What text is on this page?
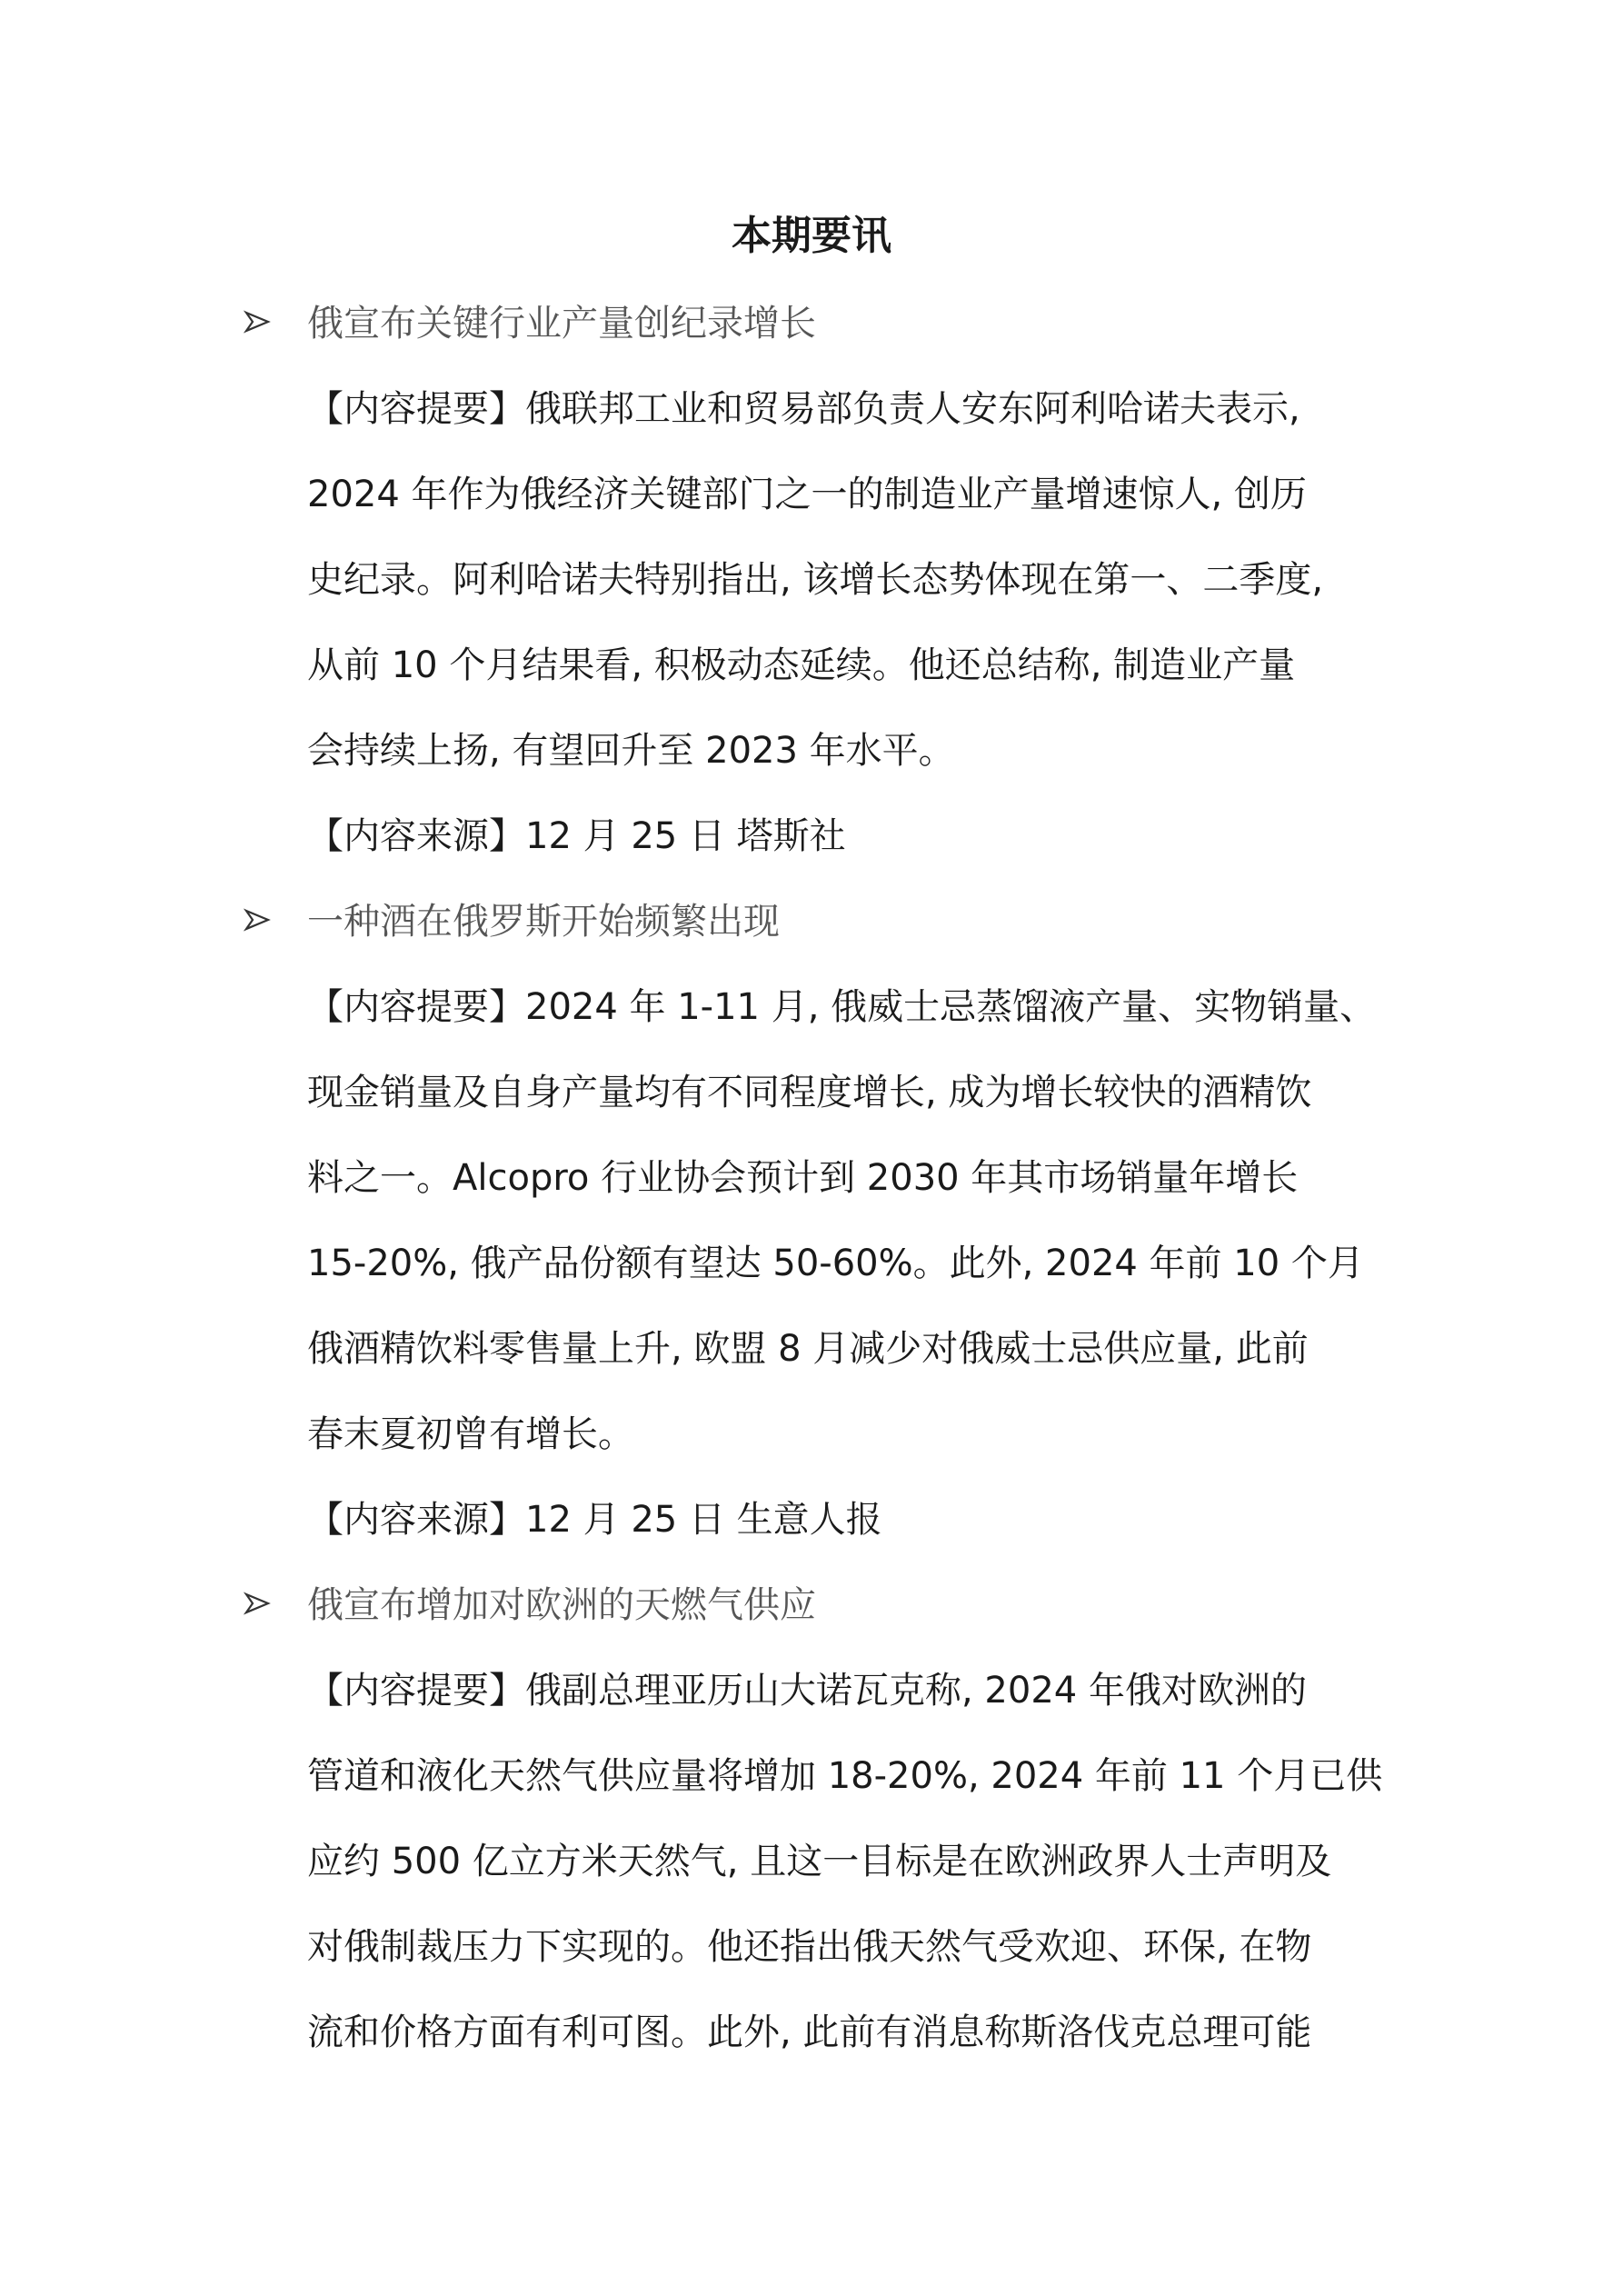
本期要讯
俄宣布关键行业产量创纪录增长
【内容提要】俄联邦工业和贸易部负责人安东阿利哈诺夫表示,
2024 年作为俄经济关键部门之一的制造业产量增速惊人, 创历
史纪录。阿利哈诺夫特别指出, 该增长态势体现在第一、二季度,
从前 10 个月结果看, 积极动态延续。他还总结称, 制造业产量
会持续上扬, 有望回升至 2023 年水平。
【内容来源】12 月 25 日 塔斯社
一种酒在俄罗斯开始频繁出现
【内容提要】2024 年 1-11 月, 俄威士忌蒸馏液产量、实物销量、
现金销量及自身产量均有不同程度增长, 成为增长较快的酒精饮
料之一。Alcopro 行业协会预计到 2030 年其市场销量年增长
15-20%, 俄产品份额有望达 50-60%。此外, 2024 年前 10 个月
俄酒精饮料零售量上升, 欧盟 8 月减少对俄威士忌供应量, 此前
春末夏初曾有增长。
【内容来源】12 月 25 日 生意人报
俄宣布增加对欧洲的天燃气供应
【内容提要】俄副总理亚历山大诺瓦克称, 2024 年俄对欧洲的
管道和液化天然气供应量将增加 18-20%, 2024 年前 11 个月已供
应约 500 亿立方米天然气, 且这一目标是在欧洲政界人士声明及
对俄制裁压力下实现的。他还指出俄天然气受欢迎、环保, 在物
流和价格方面有利可图。此外, 此前有消息称斯洛伐克总理可能
